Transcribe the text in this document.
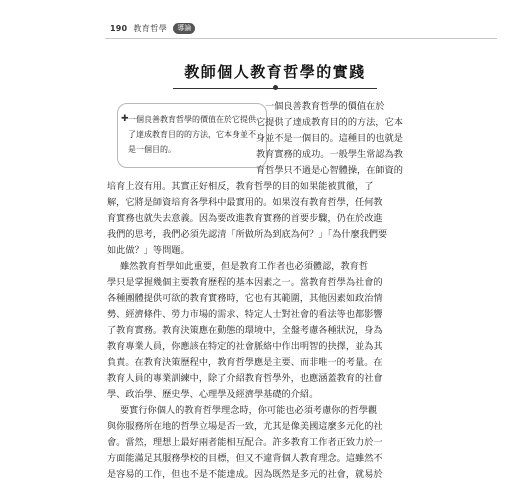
190 教育哲學	導論
教師個人教育哲學的實踐
✚ 一個良善教育哲學的價值在於它提供了達成教育目的的方法，它本身並不是一個目的。
一個良善教育哲學的價值在於
它提供了達成教育目的的方法，它本
身並不是一個目的。這種目的也就是
教育實務的成功。一般學生常認為教
育哲學只不過是心智體操，在師資的
培育上沒有用。其實正好相反，教育哲學的目的如果能被貫徹，了
解，它將是師資培育各學科中最實用的。如果沒有教育哲學，任何教
育實務也就失去意義。因為要改進教育實務的首要步驟，仍在於改進
我們的思考，我們必須先認清「所做所為到底為何？」「為什麼我們要
如此做？」等問題。
雖然教育哲學如此重要，但是教育工作者也必須體認，教育哲
學只是掌握幾個主要教育歷程的基本因素之一。當教育哲學為社會的
各種團體提供可欲的教育實務時，它也有其範圍，其他因素如政治情
勢、經濟條件、勞力市場的需求、特定人士對社會的看法等也都影響
了教育實務。教育決策應在動態的環境中，全盤考慮各種狀況，身為
教育專業人員，你應該在特定的社會脈絡中作出明智的抉擇，並為其
負責。在教育決策歷程中，教育哲學應是主要、而非唯一的考量。在
教育人員的專業訓練中，除了介紹教育哲學外，也應涵蓋教育的社會
學、政治學、歷史學、心理學及經濟學基礎的介紹。
要實行你個人的教育哲學理念時，你可能也必須考慮你的哲學觀
與你服務所在地的哲學立場是否一致，尤其是像美國這麼多元化的社
會。當然，理想上最好兩者能相互配合。許多教育工作者正致力於一
方面能滿足其服務學校的目標，但又不違背個人教育理念。這雖然不
是容易的工作，但也不是不能達成。因為既然是多元的社會，就易於
